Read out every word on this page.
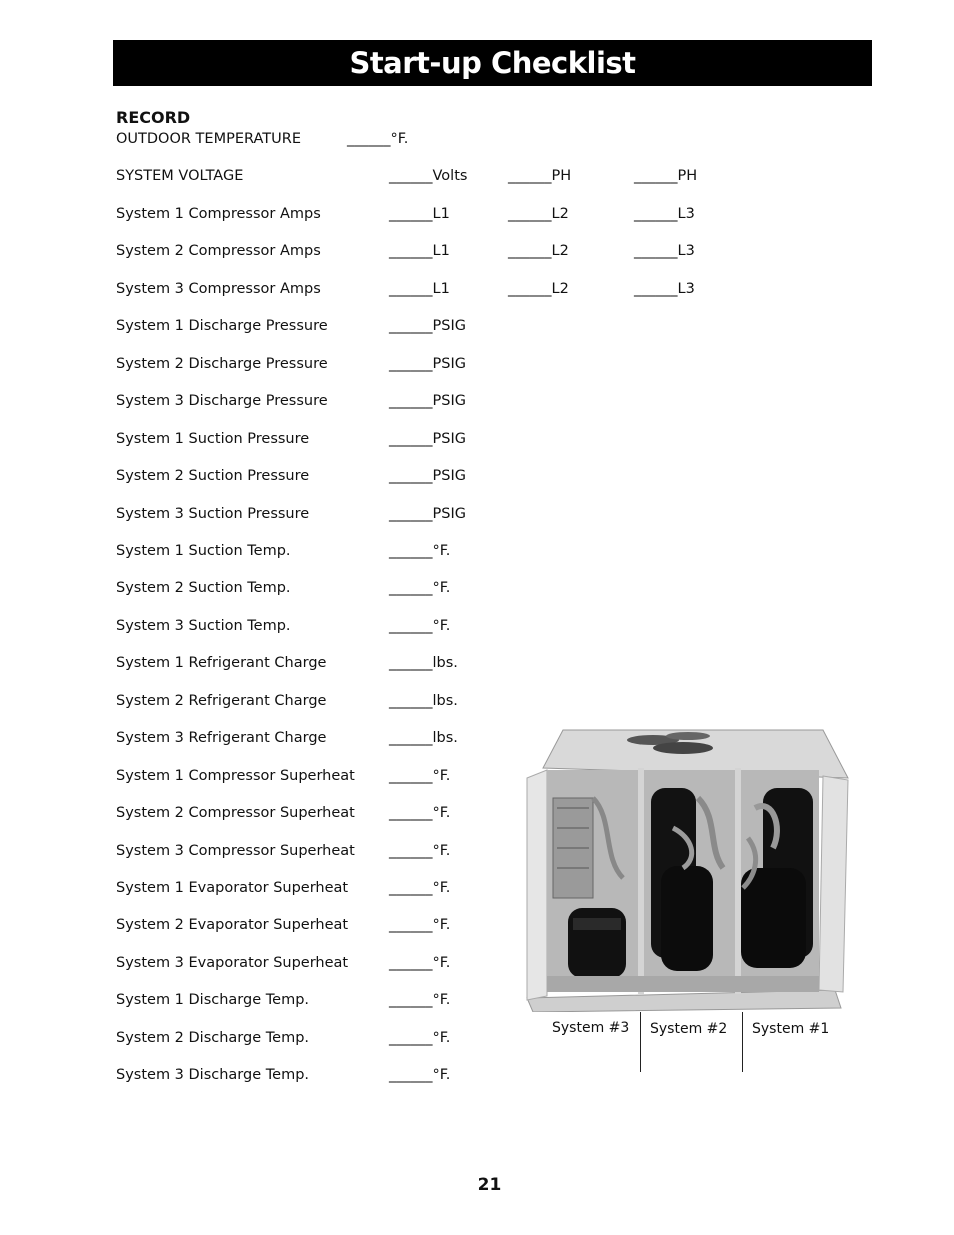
Start-up Checklist
RECORD
OUTDOOR TEMPERATURE	______°F.
SYSTEM VOLTAGE	______Volts	______PH	______PH
System 1 Compressor Amps	______L1	______L2	______L3
System 2 Compressor Amps	______L1	______L2	______L3
System 3 Compressor Amps	______L1	______L2	______L3
System 1 Discharge Pressure	______PSIG
System 2 Discharge Pressure	______PSIG
System 3 Discharge Pressure	______PSIG
System 1 Suction Pressure	______PSIG
System 2 Suction Pressure	______PSIG
System 3 Suction Pressure	______PSIG
System 1 Suction Temp.	______°F.
System 2 Suction Temp.	______°F.
System 3 Suction Temp.	______°F.
System 1 Refrigerant Charge	______lbs.
System 2 Refrigerant Charge	______lbs.
System 3 Refrigerant Charge	______lbs.
System 1 Compressor Superheat ______°F.
System 2 Compressor Superheat ______°F.
System 3 Compressor Superheat ______°F.
System 1 Evaporator Superheat	______°F.
System 2 Evaporator Superheat	______°F.
System 3 Evaporator Superheat	______°F.
System 1 Discharge Temp.	______°F.
System 2 Discharge Temp.	______°F.
System 3 Discharge Temp.	______°F.
System #3 System #2 System #1
21
